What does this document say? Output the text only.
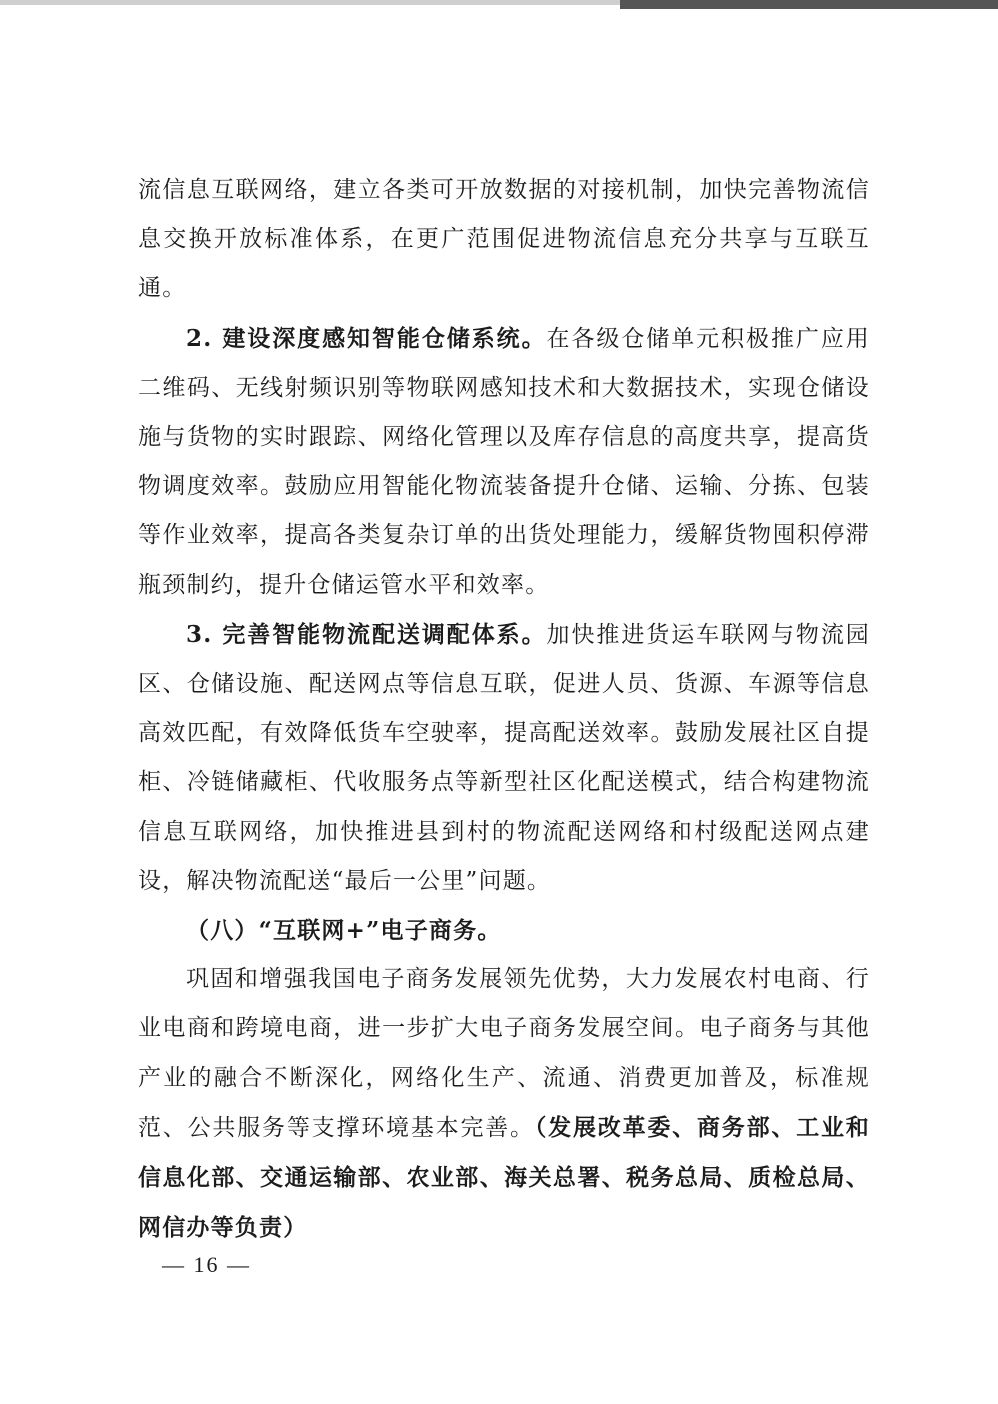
流信息互联网络，建立各类可开放数据的对接机制，加快完善物流信息交换开放标准体系，在更广范围促进物流信息充分共享与互联互通。

2. 建设深度感知智能仓储系统。在各级仓储单元积极推广应用二维码、无线射频识别等物联网感知技术和大数据技术，实现仓储设施与货物的实时跟踪、网络化管理以及库存信息的高度共享，提高货物调度效率。鼓励应用智能化物流装备提升仓储、运输、分拣、包装等作业效率，提高各类复杂订单的出货处理能力，缓解货物囤积停滞瓶颈制约，提升仓储运管水平和效率。

3. 完善智能物流配送调配体系。加快推进货运车联网与物流园区、仓储设施、配送网点等信息互联，促进人员、货源、车源等信息高效匹配，有效降低货车空驶率，提高配送效率。鼓励发展社区自提柜、冷链储藏柜、代收服务点等新型社区化配送模式，结合构建物流信息互联网络，加快推进县到村的物流配送网络和村级配送网点建设，解决物流配送“最后一公里”问题。

（八）“互联网+”电子商务。

巩固和增强我国电子商务发展领先优势，大力发展农村电商、行业电商和跨境电商，进一步扩大电子商务发展空间。电子商务与其他产业的融合不断深化，网络化生产、流通、消费更加普及，标准规范、公共服务等支撑环境基本完善。（发展改革委、商务部、工业和信息化部、交通运输部、农业部、海关总署、税务总局、质检总局、网信办等负责）

— 16 —
